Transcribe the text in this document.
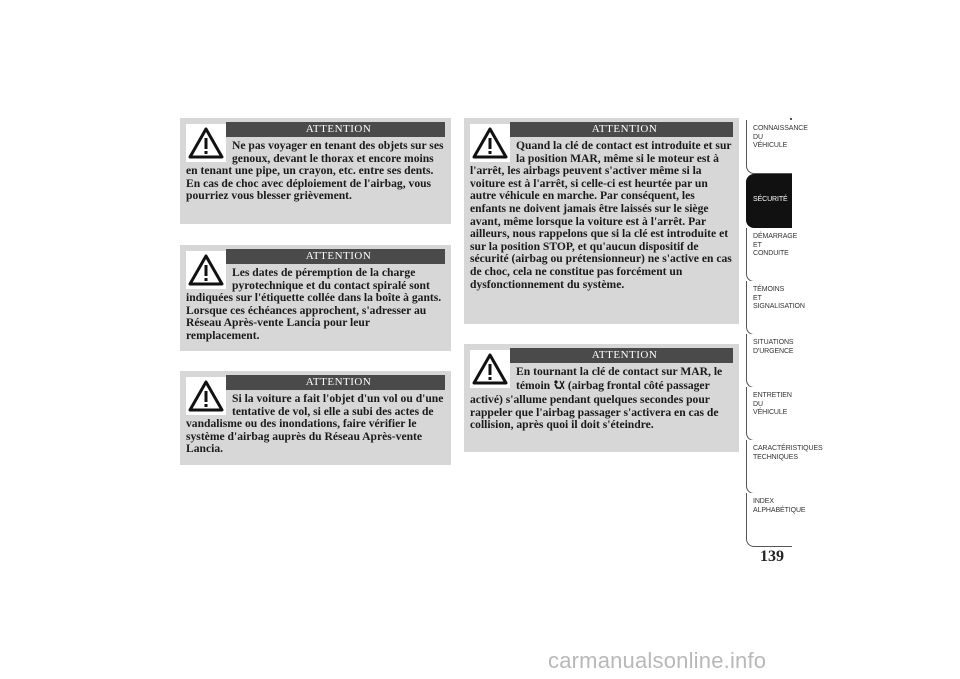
ATTENTION

Ne pas voyager en tenant des objets sur ses genoux, devant le thorax et encore moins en tenant une pipe, un crayon, etc. entre ses dents. En cas de choc avec déploiement de l'airbag, vous pourriez vous blesser grièvement.

ATTENTION

Les dates de péremption de la charge pyrotechnique et du contact spiralé sont indiquées sur l'étiquette collée dans la boîte à gants. Lorsque ces échéances approchent, s'adresser au Réseau Après-vente Lancia pour leur remplacement.

ATTENTION

Si la voiture a fait l'objet d'un vol ou d'une tentative de vol, si elle a subi des actes de vandalisme ou des inondations, faire vérifier le système d'airbag auprès du Réseau Après-vente Lancia.

ATTENTION

Quand la clé de contact est introduite et sur la position MAR, même si le moteur est à l'arrêt, les airbags peuvent s'activer même si la voiture est à l'arrêt, si celle-ci est heurtée par un autre véhicule en marche. Par conséquent, les enfants ne doivent jamais être laissés sur le siège avant, même lorsque la voiture est à l'arrêt. Par ailleurs, nous rappelons que si la clé est introduite et sur la position STOP, et qu'aucun dispositif de sécurité (airbag ou prétensionneur) ne s'active en cas de choc, cela ne constitue pas forcément un dysfonctionnement du système.

ATTENTION

En tournant la clé de contact sur MAR, le témoin  (airbag frontal côté passager activé) s'allume pendant quelques secondes pour rappeler que l'airbag passager s'activera en cas de collision, après quoi il doit s'éteindre.

CONNAISSANCE DU VÉHICULE
SÉCURITÉ
DÉMARRAGE ET CONDUITE
TÉMOINS ET SIGNALISATION
SITUATIONS D'URGENCE
ENTRETIEN DU VÉHICULE
CARACTÉRISTIQUES TECHNIQUES
INDEX ALPHABÉTIQUE
139
carmanualsonline.info
